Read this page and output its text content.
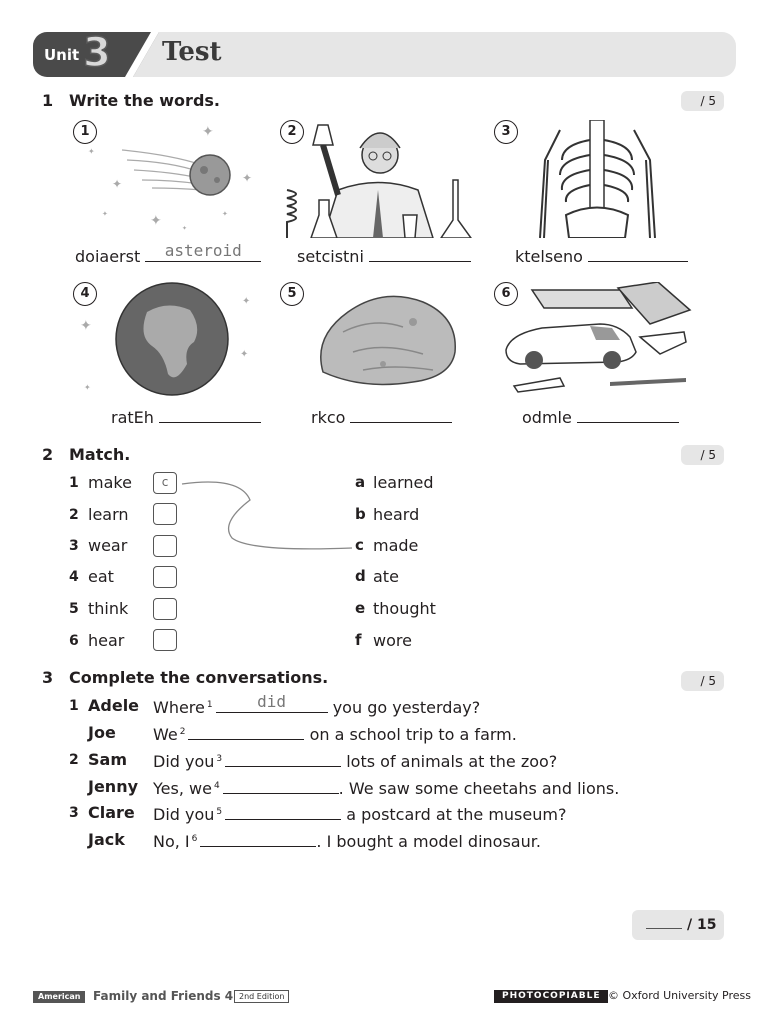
Unit 3 Test
1 Write the words.	/ 5
✦
✦
✦
✦
✦
✦	✦
✦
1
doiaerst	asteroid
2
setcistni
3
ktelseno
✦
✦
✦
✦
4
ratEh
5
rkco
6
odmle
2 Match.	/ 5
1 make	c
2 learn
3 wear
4 eat
5 think
6 hear
a learned
b heard
c made
d ate
e thought
f wore
3 Complete the conversations.	/ 5
1 Adele Where $^1$	did	you go yesterday?
Joe We $^2$	on a school trip to a farm.
2 Sam Did you $^3$	lots of animals at the zoo?
Jenny Yes, we $^4$	. We saw some cheetahs and lions.
3 Clare Did you $^5$	a postcard at the museum?
Jack No, I $^6$	. I bought a model dinosaur.
/ 15
American	Family and Friends 4 2nd Edition	PHOTOCOPIABLE © Oxford University Press
